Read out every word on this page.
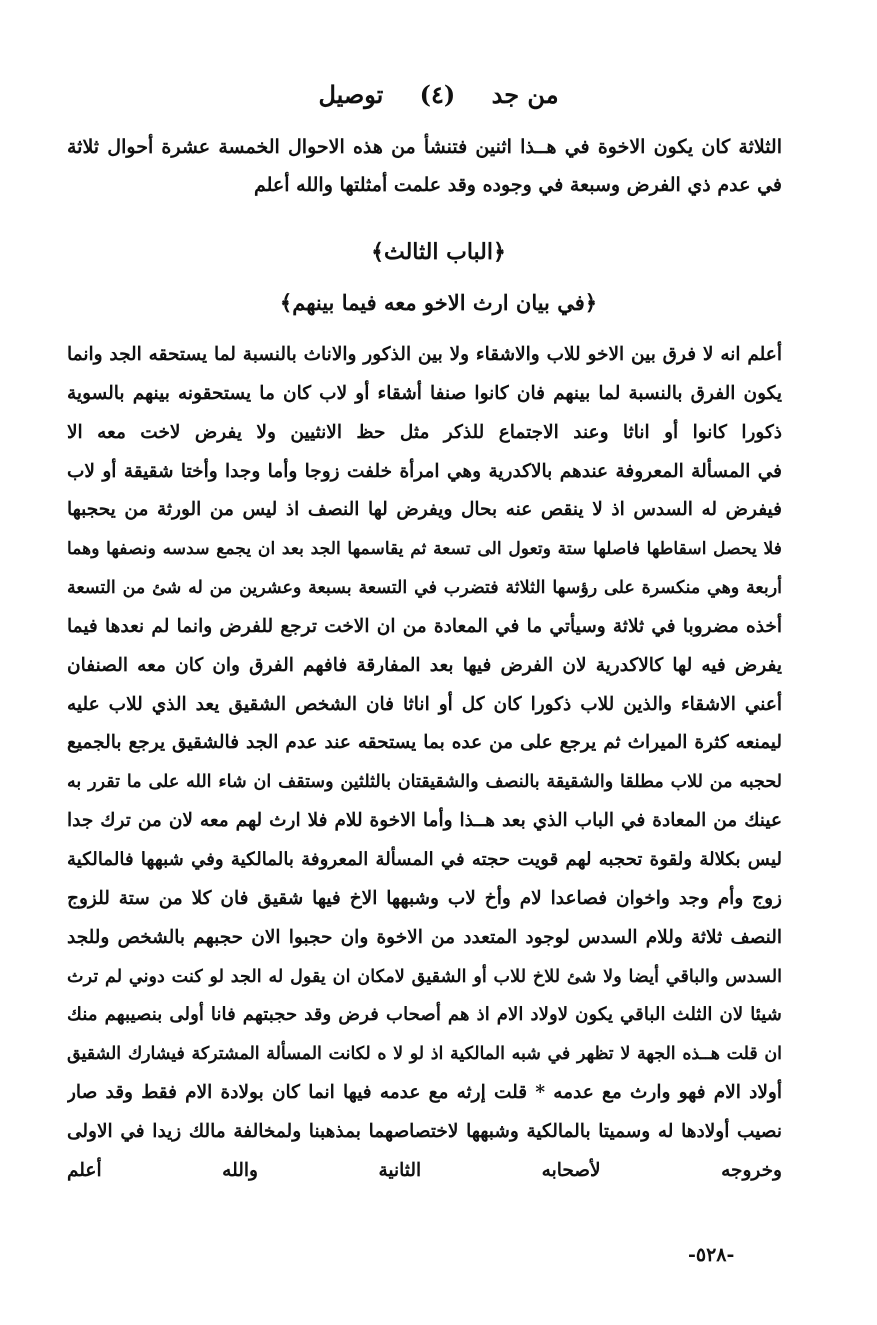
من جد (٤) توصيل
الثلاثة كان يكون الاخوة في هــذا اثنين فتنشأ من هذه الاحوال الخمسة عشرة أحوال ثلاثة
في عدم ذي الفرض وسبعة في وجوده وقد علمت أمثلتها والله أعلم
﴿الباب الثالث﴾
﴿في بيان ارث الاخو معه فيما بينهم﴾
أعلم انه لا فرق بين الاخو للاب والاشقاء ولا بين الذكور والاناث بالنسبة لما يستحقه الجد وانما
يكون الفرق بالنسبة لما بينهم فان كانوا صنفا أشقاء أو لاب كان ما يستحقونه بينهم بالسوية
ذكورا كانوا أو اناثا وعند الاجتماع للذكر مثل حظ الانثيين ولا يفرض لاخت معه الا
في المسألة المعروفة عندهم بالاكدرية وهي امرأة خلفت زوجا وأما وجدا وأختا شقيقة أو لاب
فيفرض له السدس اذ لا ينقص عنه بحال ويفرض لها النصف اذ ليس من الورثة من يحجبها
فلا يحصل اسقاطها فاصلها ستة وتعول الى تسعة ثم يقاسمها الجد بعد ان يجمع سدسه ونصفها وهما
أربعة وهي منكسرة على رؤسها الثلاثة فتضرب في التسعة بسبعة وعشرين من له شئ من التسعة
أخذه مضروبا في ثلاثة وسيأتي ما في المعادة من ان الاخت ترجع للفرض وانما لم نعدها فيما
يفرض فيه لها كالاكدرية لان الفرض فيها بعد المفارقة فافهم الفرق وان كان معه الصنفان
أعني الاشقاء والذين للاب ذكورا كان كل أو اناثا فان الشخص الشقيق يعد الذي للاب عليه
ليمنعه كثرة الميراث ثم يرجع على من عده بما يستحقه عند عدم الجد فالشقيق يرجع بالجميع
لحجبه من للاب مطلقا والشقيقة بالنصف والشقيقتان بالثلثين وستقف ان شاء الله على ما تقرر به
عينك من المعادة في الباب الذي بعد هــذا وأما الاخوة للام فلا ارث لهم معه لان من ترك جدا
ليس بكلالة ولقوة تحجبه لهم قويت حجته في المسألة المعروفة بالمالكية وفي شبهها فالمالكية
زوج وأم وجد واخوان فصاعدا لام وأخ لاب وشبهها الاخ فيها شقيق فان كلا من ستة للزوج
النصف ثلاثة وللام السدس لوجود المتعدد من الاخوة وان حجبوا الان حجبهم بالشخص وللجد
السدس والباقي أيضا ولا شئ للاخ للاب أو الشقيق لامكان ان يقول له الجد لو كنت دوني لم ترث
شيئا لان الثلث الباقي يكون لاولاد الام اذ هم أصحاب فرض وقد حجبتهم فانا أولى بنصيبهم منك
ان قلت هــذه الجهة لا تظهر في شبه المالكية اذ لو لا ه لكانت المسألة المشتركة فيشارك الشقيق
أولاد الام فهو وارث مع عدمه * قلت إرثه مع عدمه فيها انما كان بولادة الام فقط وقد صار
نصيب أولادها له وسميتا بالمالكية وشبهها لاختصاصهما بمذهبنا ولمخالفة مالك زيدا في الاولى
وخروجه لأصحابه الثانية والله أعلم
-٥٢٨-
